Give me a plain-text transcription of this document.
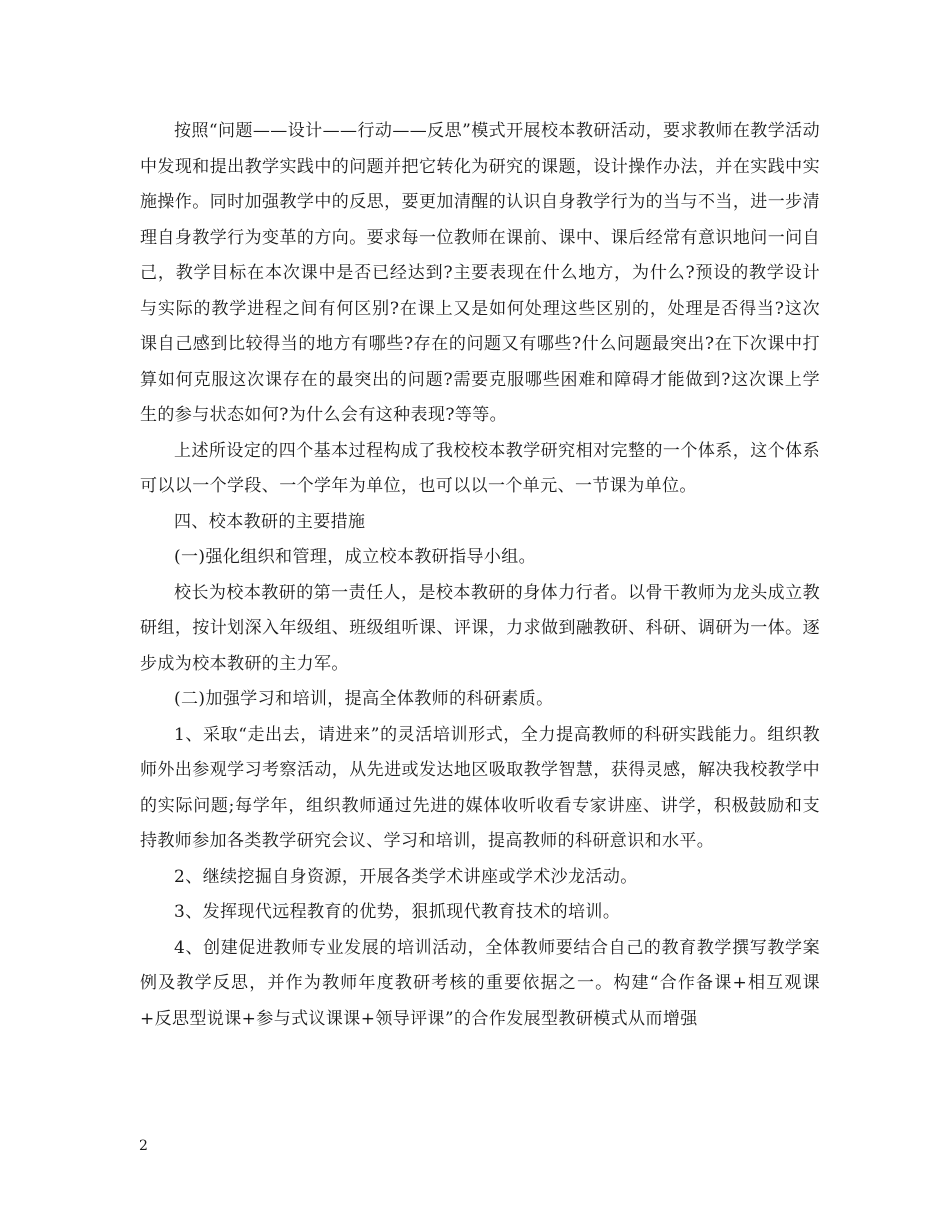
按照“问题——设计——行动——反思”模式开展校本教研活动，要求教师在教学活动中发现和提出教学实践中的问题并把它转化为研究的课题，设计操作办法，并在实践中实施操作。同时加强教学中的反思，要更加清醒的认识自身教学行为的当与不当，进一步清理自身教学行为变革的方向。要求每一位教师在课前、课中、课后经常有意识地问一问自己，教学目标在本次课中是否已经达到?主要表现在什么地方，为什么?预设的教学设计与实际的教学进程之间有何区别?在课上又是如何处理这些区别的，处理是否得当?这次课自己感到比较得当的地方有哪些?存在的问题又有哪些?什么问题最突出?在下次课中打算如何克服这次课存在的最突出的问题?需要克服哪些困难和障碍才能做到?这次课上学生的参与状态如何?为什么会有这种表现?等等。

上述所设定的四个基本过程构成了我校校本教学研究相对完整的一个体系，这个体系可以以一个学段、一个学年为单位，也可以以一个单元、一节课为单位。

四、校本教研的主要措施

(一)强化组织和管理，成立校本教研指导小组。

校长为校本教研的第一责任人，是校本教研的身体力行者。以骨干教师为龙头成立教研组，按计划深入年级组、班级组听课、评课，力求做到融教研、科研、调研为一体。逐步成为校本教研的主力军。

(二)加强学习和培训，提高全体教师的科研素质。

1、采取“走出去，请进来”的灵活培训形式，全力提高教师的科研实践能力。组织教师外出参观学习考察活动，从先进或发达地区吸取教学智慧，获得灵感，解决我校教学中的实际问题;每学年，组织教师通过先进的媒体收听收看专家讲座、讲学，积极鼓励和支持教师参加各类教学研究会议、学习和培训，提高教师的科研意识和水平。

2、继续挖掘自身资源，开展各类学术讲座或学术沙龙活动。

3、发挥现代远程教育的优势，狠抓现代教育技术的培训。

4、创建促进教师专业发展的培训活动，全体教师要结合自己的教育教学撰写教学案例及教学反思，并作为教师年度教研考核的重要依据之一。构建“合作备课+相互观课+反思型说课+参与式议课课+领导评课”的合作发展型教研模式从而增强

2
